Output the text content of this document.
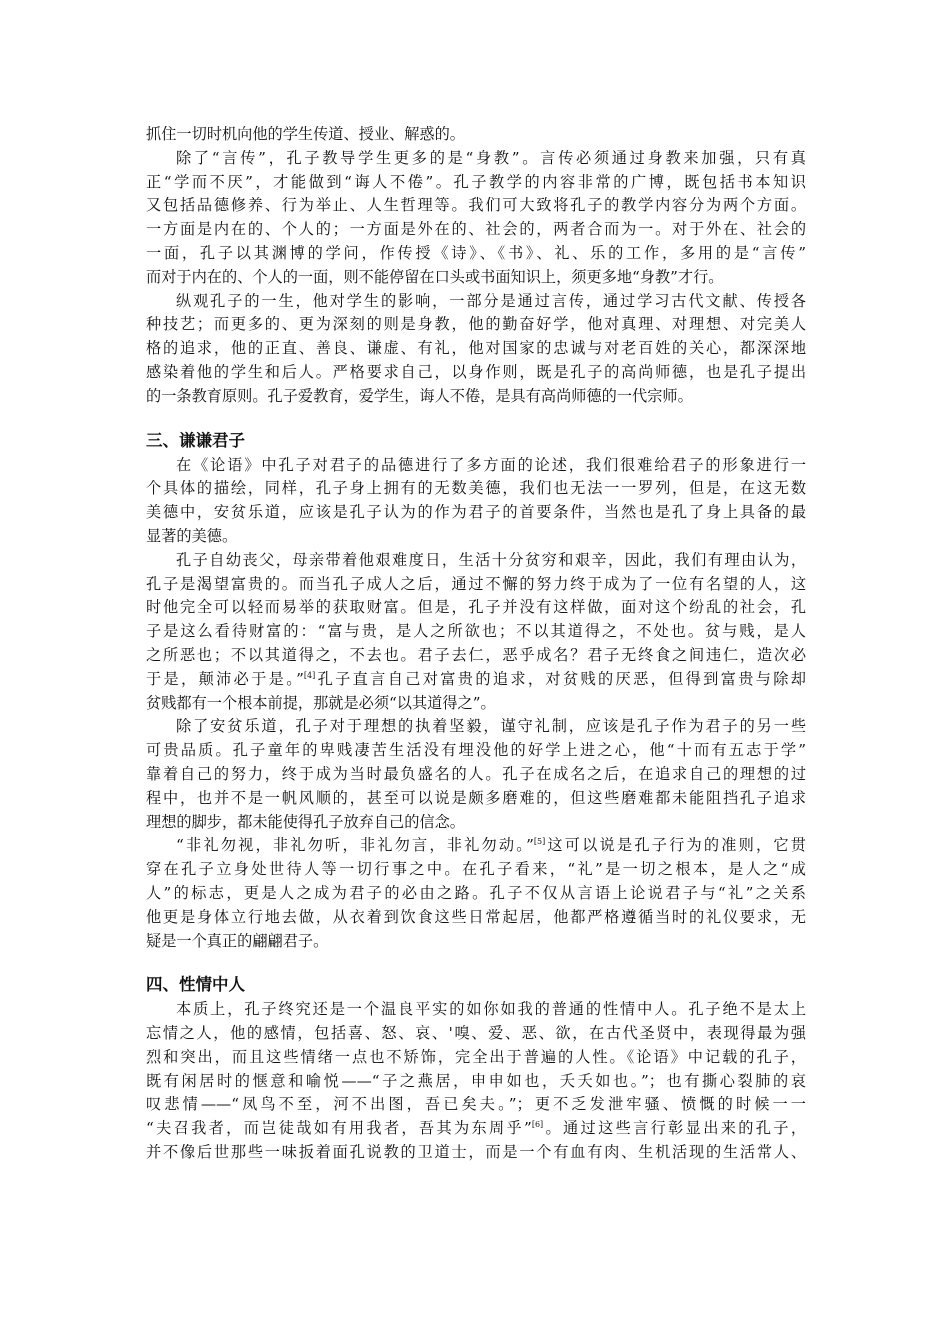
抓住一切时机向他的学生传道、授业、解惑的。
除了“言传”，孔子教导学生更多的是“身教”。言传必须通过身教来加强，只有真
正“学而不厌”，才能做到“诲人不倦”。孔子教学的内容非常的广博，既包括书本知识
又包括品德修养、行为举止、人生哲理等。我们可大致将孔子的教学内容分为两个方面。
一方面是内在的、个人的；一方面是外在的、社会的，两者合而为一。对于外在、社会的
一面，孔子以其渊博的学问，作传授《诗》、《书》、礼、乐的工作，多用的是“言传”
而对于内在的、个人的一面，则不能停留在口头或书面知识上，须更多地“身教”才行。
纵观孔子的一生，他对学生的影响，一部分是通过言传，通过学习古代文献、传授各
种技艺；而更多的、更为深刻的则是身教，他的勤奋好学，他对真理、对理想、对完美人
格的追求，他的正直、善良、谦虚、有礼，他对国家的忠诚与对老百姓的关心，都深深地
感染着他的学生和后人。严格要求自己，以身作则，既是孔子的高尚师德，也是孔子提出
的一条教育原则。孔子爱教育，爱学生，诲人不倦，是具有高尚师德的一代宗师。
三、谦谦君子
在《论语》中孔子对君子的品德进行了多方面的论述，我们很难给君子的形象进行一
个具体的描绘，同样，孔子身上拥有的无数美德，我们也无法一一罗列，但是，在这无数
美德中，安贫乐道，应该是孔子认为的作为君子的首要条件，当然也是孔了身上具备的最
显著的美德。
孔子自幼丧父，母亲带着他艰难度日，生活十分贫穷和艰辛，因此，我们有理由认为，
孔子是渴望富贵的。而当孔子成人之后，通过不懈的努力终于成为了一位有名望的人，这
时他完全可以轻而易举的获取财富。但是，孔子并没有这样做，面对这个纷乱的社会，孔
子是这么看待财富的：“富与贵，是人之所欲也；不以其道得之，不处也。贫与贱，是人
之所恶也；不以其道得之，不去也。君子去仁，恶乎成名？君子无终食之间违仁，造次必
于是，颠沛必于是。”[4]孔子直言自己对富贵的追求，对贫贱的厌恶，但得到富贵与除却
贫贱都有一个根本前提，那就是必须“以其道得之”。
除了安贫乐道，孔子对于理想的执着坚毅，谨守礼制，应该是孔子作为君子的另一些
可贵品质。孔子童年的卑贱凄苦生活没有埋没他的好学上进之心，他“十而有五志于学”
靠着自己的努力，终于成为当时最负盛名的人。孔子在成名之后，在追求自己的理想的过
程中，也并不是一帆风顺的，甚至可以说是颇多磨难的，但这些磨难都未能阻挡孔子追求
理想的脚步，都未能使得孔子放弃自己的信念。
“非礼勿视，非礼勿听，非礼勿言，非礼勿动。”[5]这可以说是孔子行为的准则，它贯
穿在孔子立身处世待人等一切行事之中。在孔子看来，“礼”是一切之根本，是人之“成
人”的标志，更是人之成为君子的必由之路。孔子不仅从言语上论说君子与“礼”之关系
他更是身体立行地去做，从衣着到饮食这些日常起居，他都严格遵循当时的礼仪要求，无
疑是一个真正的翩翩君子。
四、性情中人
本质上，孔子终究还是一个温良平实的如你如我的普通的性情中人。孔子绝不是太上
忘情之人，他的感情，包括喜、怒、哀、'嗅、爱、恶、欲，在古代圣贤中，表现得最为强
烈和突出，而且这些情绪一点也不矫饰，完全出于普遍的人性。《论语》中记载的孔子，
既有闲居时的惬意和喻悦——“子之燕居，申申如也，夭夭如也。”；也有撕心裂肺的哀
叹悲情——“凤鸟不至，河不出图，吾已矣夫。”；更不乏发泄牢骚、愤慨的时候一一
“夫召我者，而岂徒哉如有用我者，吾其为东周乎”[6]。通过这些言行彰显出来的孔子，
并不像后世那些一味扳着面孔说教的卫道士，而是一个有血有肉、生机活现的生活常人、
